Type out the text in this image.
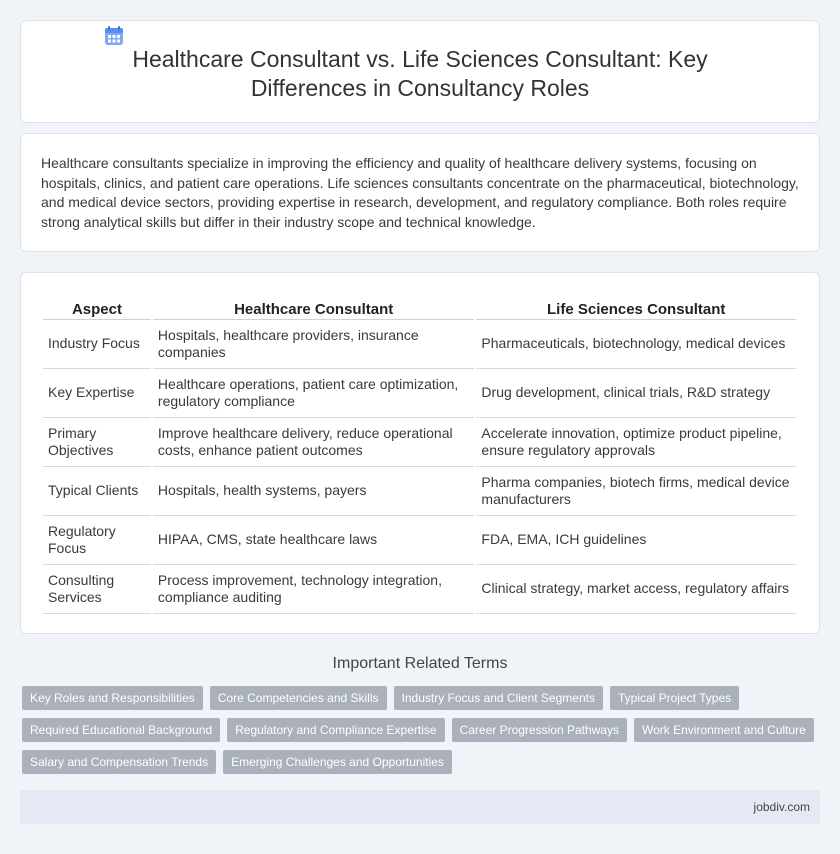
Healthcare Consultant vs. Life Sciences Consultant: Key Differences in Consultancy Roles

Healthcare consultants specialize in improving the efficiency and quality of healthcare delivery systems, focusing on hospitals, clinics, and patient care operations. Life sciences consultants concentrate on the pharmaceutical, biotechnology, and medical device sectors, providing expertise in research, development, and regulatory compliance. Both roles require strong analytical skills but differ in their industry scope and technical knowledge.

Aspect	Healthcare Consultant	Life Sciences Consultant
Industry Focus	Hospitals, healthcare providers, insurance companies	Pharmaceuticals, biotechnology, medical devices
Key Expertise	Healthcare operations, patient care optimization, regulatory compliance	Drug development, clinical trials, R&D strategy
Primary Objectives	Improve healthcare delivery, reduce operational costs, enhance patient outcomes	Accelerate innovation, optimize product pipeline, ensure regulatory approvals
Typical Clients	Hospitals, health systems, payers	Pharma companies, biotech firms, medical device manufacturers
Regulatory Focus	HIPAA, CMS, state healthcare laws	FDA, EMA, ICH guidelines
Consulting Services	Process improvement, technology integration, compliance auditing	Clinical strategy, market access, regulatory affairs
Important Related Terms
Key Roles and Responsibilities	Core Competencies and Skills	Industry Focus and Client Segments	Typical Project Types
Required Educational Background	Regulatory and Compliance Expertise	Career Progression Pathways	Work Environment and Culture
Salary and Compensation Trends	Emerging Challenges and Opportunities
jobdiv.com
